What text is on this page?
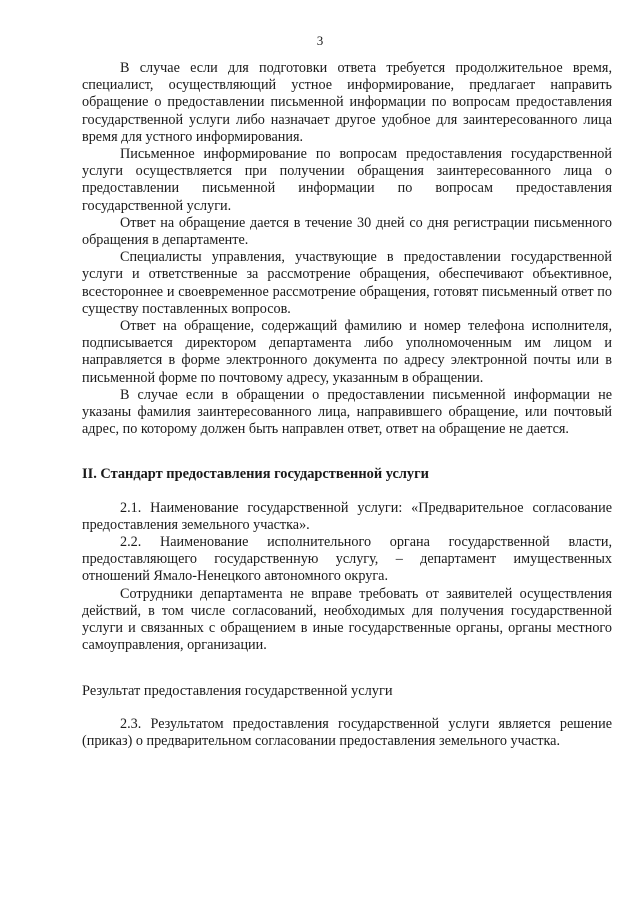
3

В случае если для подготовки ответа требуется продолжительное время, специалист, осуществляющий устное информирование, предлагает направить обращение о предоставлении письменной информации по вопросам предоставления государственной услуги либо назначает другое удобное для заинтересованного лица время для устного информирования.

Письменное информирование по вопросам предоставления государственной услуги осуществляется при получении обращения заинтересованного лица о предоставлении письменной информации по вопросам предоставления государственной услуги.

Ответ на обращение дается в течение 30 дней со дня регистрации письменного обращения в департаменте.

Специалисты управления, участвующие в предоставлении государственной услуги и ответственные за рассмотрение обращения, обеспечивают объективное, всестороннее и своевременное рассмотрение обращения, готовят письменный ответ по существу поставленных вопросов.

Ответ на обращение, содержащий фамилию и номер телефона исполнителя, подписывается директором департамента либо уполномоченным им лицом и направляется в форме электронного документа по адресу электронной почты или в письменной форме по почтовому адресу, указанным в обращении.

В случае если в обращении о предоставлении письменной информации не указаны фамилия заинтересованного лица, направившего обращение, или почтовый адрес, по которому должен быть направлен ответ, ответ на обращение не дается.

II. Стандарт предоставления государственной услуги

2.1. Наименование государственной услуги: «Предварительное согласование предоставления земельного участка».

2.2. Наименование исполнительного органа государственной власти, предоставляющего государственную услугу, – департамент имущественных отношений Ямало-Ненецкого автономного округа.

Сотрудники департамента не вправе требовать от заявителей осуществления действий, в том числе согласований, необходимых для получения государственной услуги и связанных с обращением в иные государственные органы, органы местного самоуправления, организации.

Результат предоставления государственной услуги

2.3. Результатом предоставления государственной услуги является решение (приказ) о предварительном согласовании предоставления земельного участка.
